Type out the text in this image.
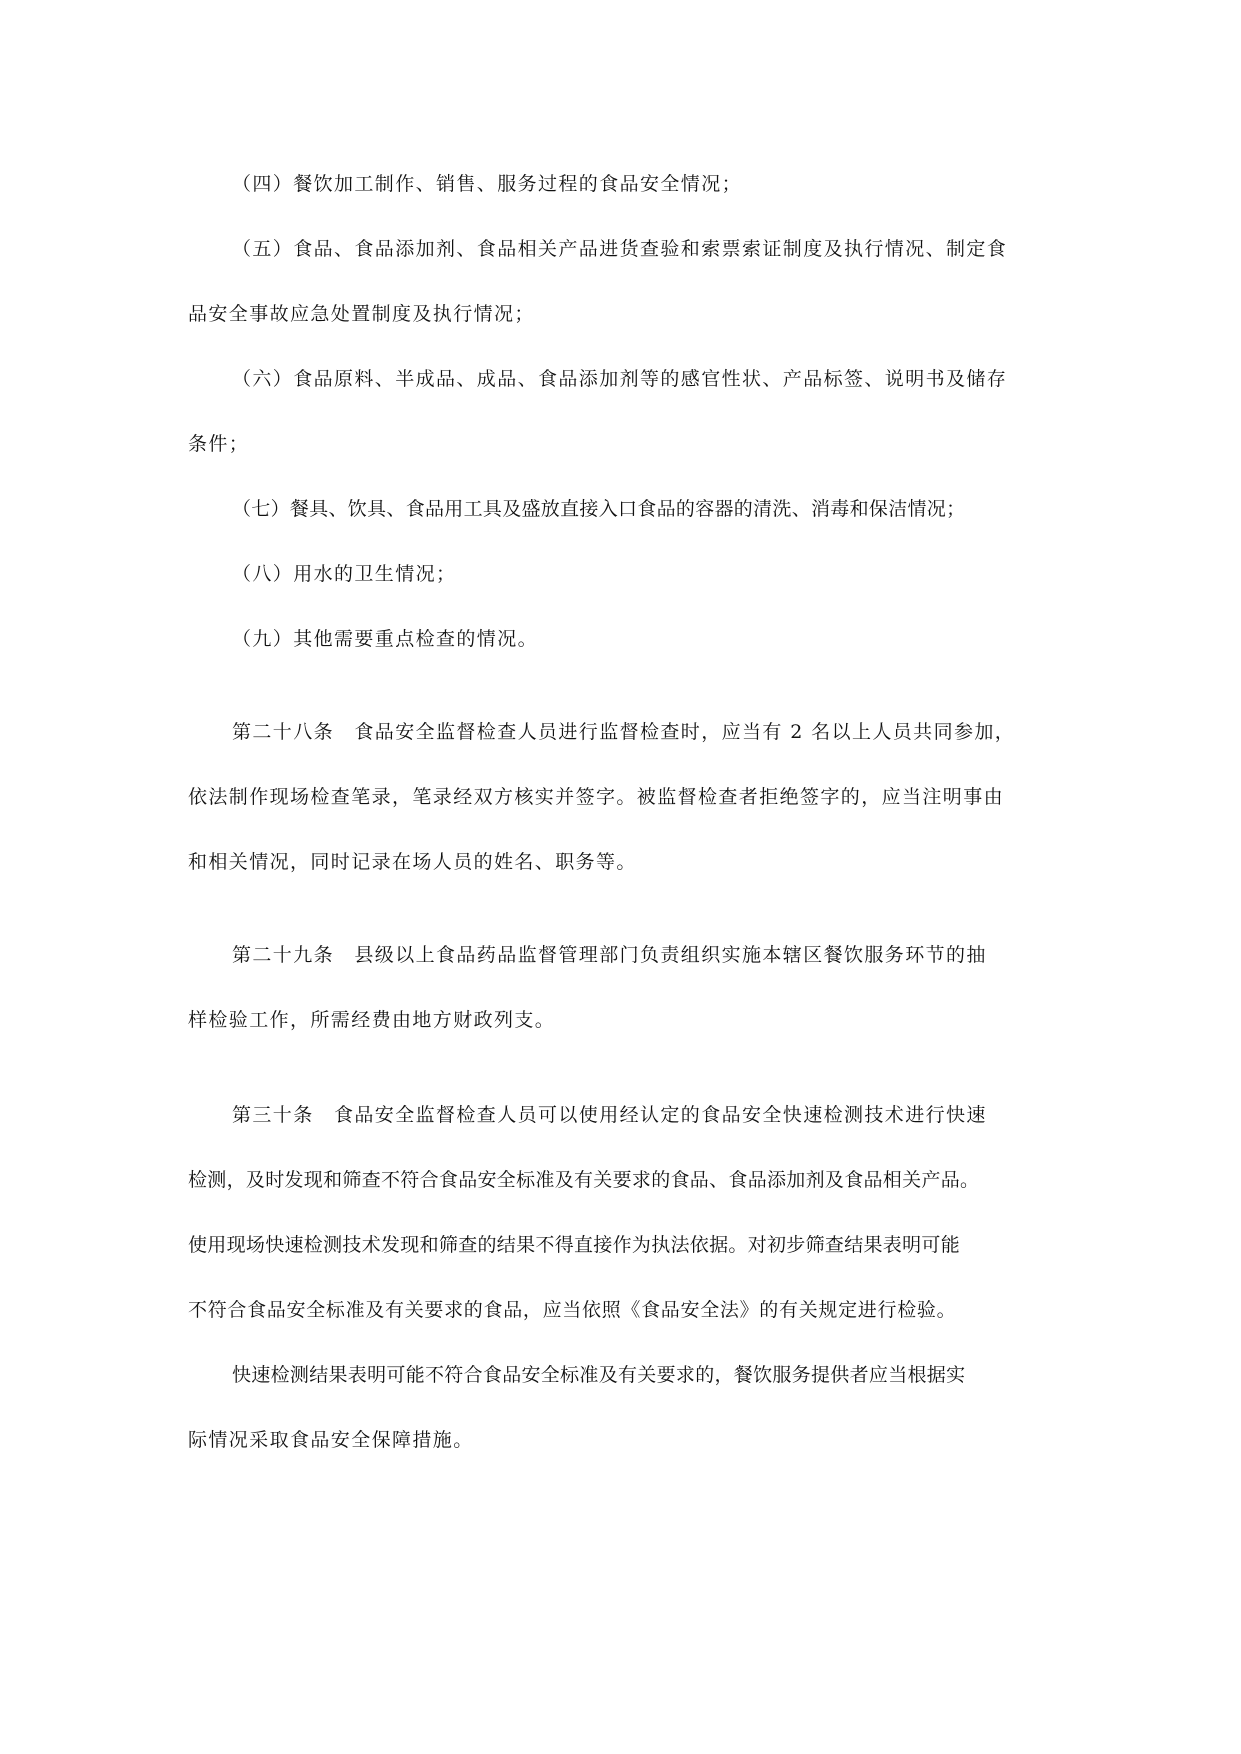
（四）餐饮加工制作、销售、服务过程的食品安全情况；
（五）食品、食品添加剂、食品相关产品进货查验和索票索证制度及执行情况、制定食
品安全事故应急处置制度及执行情况；
（六）食品原料、半成品、成品、食品添加剂等的感官性状、产品标签、说明书及储存
条件；
（七）餐具、饮具、食品用工具及盛放直接入口食品的容器的清洗、消毒和保洁情况；
（八）用水的卫生情况；
（九）其他需要重点检查的情况。
第二十八条　食品安全监督检查人员进行监督检查时，应当有 2 名以上人员共同参加，
依法制作现场检查笔录，笔录经双方核实并签字。被监督检查者拒绝签字的，应当注明事由
和相关情况，同时记录在场人员的姓名、职务等。
第二十九条　县级以上食品药品监督管理部门负责组织实施本辖区餐饮服务环节的抽
样检验工作，所需经费由地方财政列支。
第三十条　食品安全监督检查人员可以使用经认定的食品安全快速检测技术进行快速
检测，及时发现和筛查不符合食品安全标准及有关要求的食品、食品添加剂及食品相关产品。
使用现场快速检测技术发现和筛查的结果不得直接作为执法依据。对初步筛查结果表明可能
不符合食品安全标准及有关要求的食品，应当依照《食品安全法》的有关规定进行检验。
快速检测结果表明可能不符合食品安全标准及有关要求的，餐饮服务提供者应当根据实
际情况采取食品安全保障措施。
